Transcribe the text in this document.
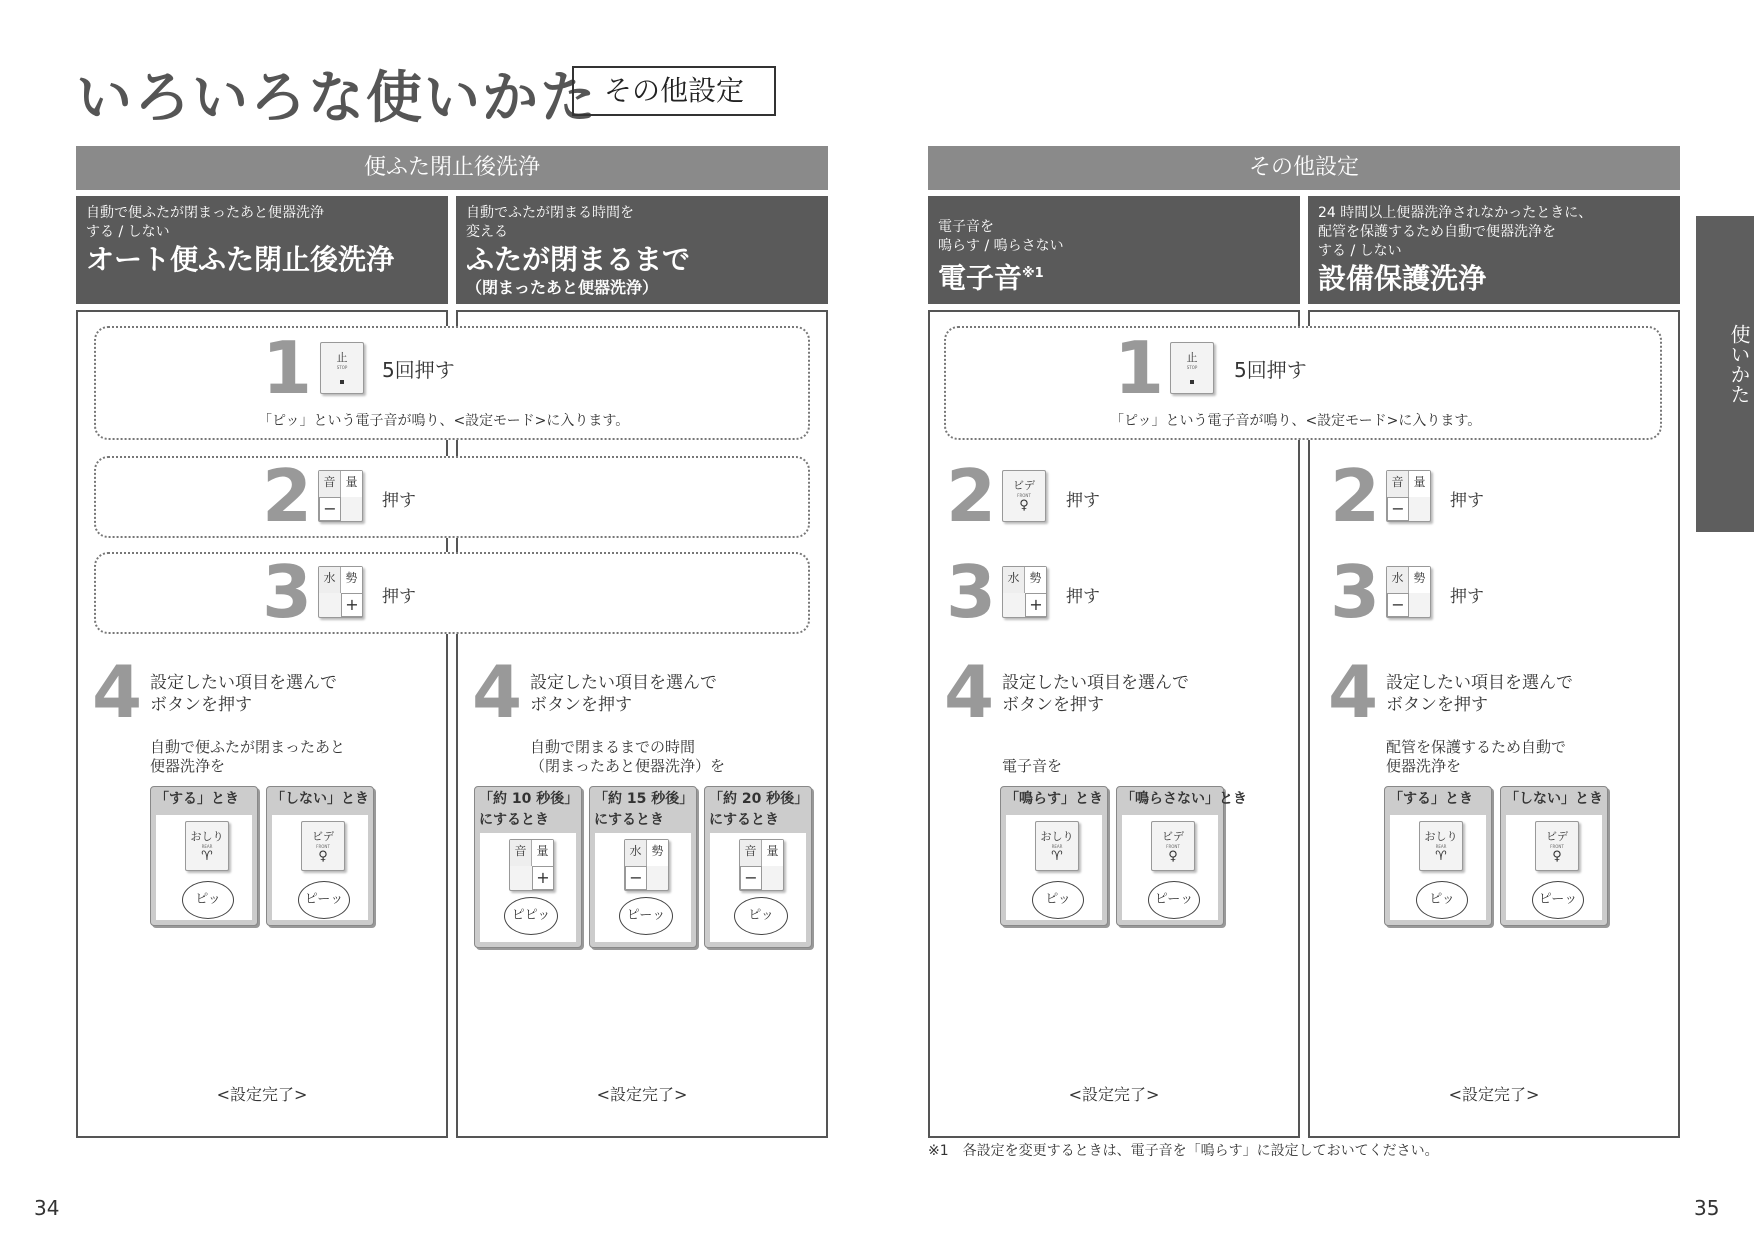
いろいろな使いかた その他設定
便ふた閉止後洗浄
自動で便ふたが閉まったあと便器洗浄
する / しない
オート便ふた閉止後洗浄
自動でふたが閉まる時間を
変える
ふたが閉まるまで
（閉まったあと便器洗浄）
1	止
STOP	5回押す
「ピッ」という電子音が鳴り、<設定モード>に入ります。
2 音 量
−	押す
3 水 勢
+ 押す
4 設定したい項目を選んで
ボタンを押す
自動で便ふたが閉まったあと
便器洗浄を
「する」とき
おしり
REAR
♈
ピッ
「しない」とき
ビデ
FRONT
♀
ピーッ
<設定完了>
4 設定したい項目を選んで
ボタンを押す
自動で閉まるまでの時間
（閉まったあと便器洗浄）を
「約 10 秒後」
にするとき
音 量
+
ピピッ
「約 15 秒後」
にするとき
水 勢
−
ピーッ
「約 20 秒後」
にするとき
音 量
−
ピッ
<設定完了>
その他設定
電子音を
鳴らす / 鳴らさない
電子音$^{※1}$
24 時間以上便器洗浄されなかったときに、
配管を保護するため自動で便器洗浄を
する / しない
設備保護洗浄
1	止
STOP	5回押す
「ピッ」という電子音が鳴り、<設定モード>に入ります。
2	ビデ
FRONT
♀	押す
3 水 勢
+ 押す
2 音 量
−	押す
3 水 勢
−	押す
4 設定したい項目を選んで
ボタンを押す
電子音を
「鳴らす」とき
おしり
REAR
♈
ピッ
「鳴らさない」とき
ビデ
FRONT
♀
ピーッ
<設定完了>
4 設定したい項目を選んで
ボタンを押す
配管を保護するため自動で
便器洗浄を
「する」とき
おしり
REAR
♈
ピッ
「しない」とき
ビデ
FRONT
♀
ピーッ
<設定完了>
※1　各設定を変更するときは、電子音を「鳴らす」に設定しておいてください。
使いかた
34	35
